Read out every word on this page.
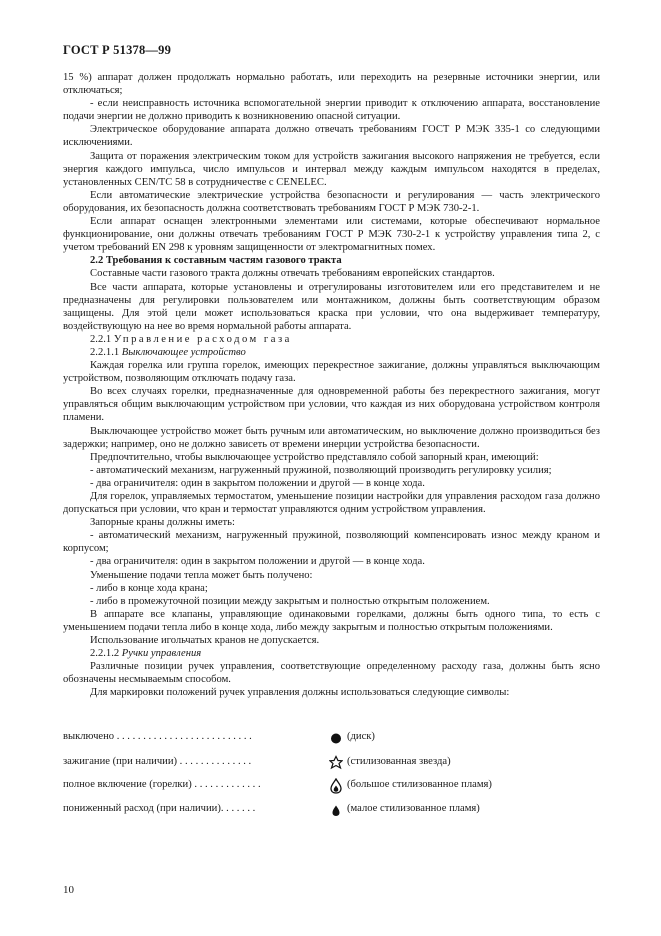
ГОСТ Р 51378—99

15 %) аппарат должен продолжать нормально работать, или переходить на резервные источники энергии, или отключаться;

- если неисправность источника вспомогательной энергии приводит к отключению аппарата, восстановление подачи энергии не должно приводить к возникновению опасной ситуации.

Электрическое оборудование аппарата должно отвечать требованиям ГОСТ Р МЭК 335-1 со следующими исключениями.

Защита от поражения электрическим током для устройств зажигания высокого напряжения не требуется, если энергия каждого импульса, число импульсов и интервал между каждым импульсом находятся в пределах, установленных CEN/TC 58 в сотрудничестве с CENELEC.

Если автоматические электрические устройства безопасности и регулирования — часть электрического оборудования, их безопасность должна соответствовать требованиям ГОСТ Р МЭК 730-2-1.

Если аппарат оснащен электронными элементами или системами, которые обеспечивают нормальное функционирование, они должны отвечать требованиям ГОСТ Р МЭК 730-2-1 к устройству управления типа 2, с учетом требований EN 298 к уровням защищенности от электромагнитных помех.

2.2 Требования к составным частям газового тракта

Составные части газового тракта должны отвечать требованиям европейских стандартов.

Все части аппарата, которые установлены и отрегулированы изготовителем или его представителем и не предназначены для регулировки пользователем или монтажником, должны быть соответствующим образом защищены. Для этой цели может использоваться краска при условии, что она выдерживает температуру, воздействующую на нее во время нормальной работы аппарата.

2.2.1 Управление расходом газа

2.2.1.1 Выключающее устройство

Каждая горелка или группа горелок, имеющих перекрестное зажигание, должны управляться выключающим устройством, позволяющим отключать подачу газа.

Во всех случаях горелки, предназначенные для одновременной работы без перекрестного зажигания, могут управляться общим выключающим устройством при условии, что каждая из них оборудована устройством контроля пламени.

Выключающее устройство может быть ручным или автоматическим, но выключение должно производиться без задержки; например, оно не должно зависеть от времени инерции устройства безопасности.

Предпочтительно, чтобы выключающее устройство представляло собой запорный кран, имеющий:

- автоматический механизм, нагруженный пружиной, позволяющий производить регулировку усилия;

- два ограничителя: один в закрытом положении и другой — в конце хода.

Для горелок, управляемых термостатом, уменьшение позиции настройки для управления расходом газа должно допускаться при условии, что кран и термостат управляются одним устройством управления.

Запорные краны должны иметь:

- автоматический механизм, нагруженный пружиной, позволяющий компенсировать износ между краном и корпусом;

- два ограничителя: один в закрытом положении и другой — в конце хода.

Уменьшение подачи тепла может быть получено:

- либо в конце хода крана;

- либо в промежуточной позиции между закрытым и полностью открытым положением.

В аппарате все клапаны, управляющие одинаковыми горелками, должны быть одного типа, то есть с уменьшением подачи тепла либо в конце хода, либо между закрытым и полностью открытым положениями.

Использование игольчатых кранов не допускается.

2.2.1.2 Ручки управления

Различные позиции ручек управления, соответствующие определенному расходу газа, должны быть ясно обозначены несмываемым способом.

Для маркировки положений ручек управления должны использоваться следующие символы:

выключено . . . . . . . . . . . . . . . . . . . . . . . . . .	(диск)
зажигание (при наличии) . . . . . . . . . . . . . .	(стилизованная звезда)
полное включение (горелки) . . . . . . . . . . . . .	(большое стилизованное пламя)
пониженный расход (при наличии). . . . . . .	(малое стилизованное пламя)
10
